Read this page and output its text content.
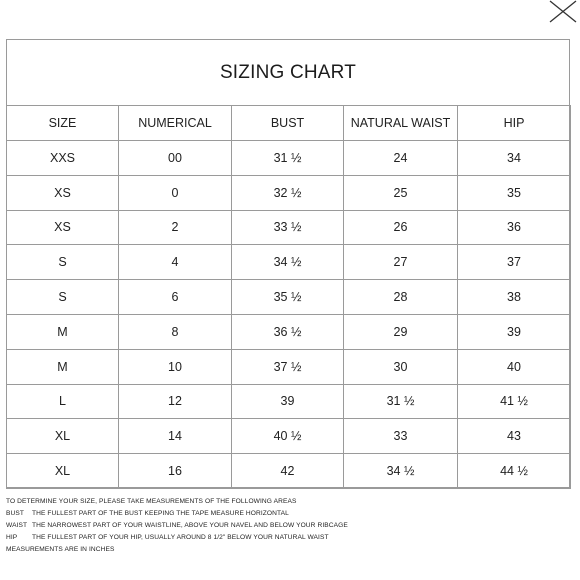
SIZING CHART
SIZE	NUMERICAL	BUST	NATURAL WAIST	HIP
XXS	00	31 ½	24	34
XS	0	32 ½	25	35
XS	2	33 ½	26	36
S	4	34 ½	27	37
S	6	35 ½	28	38
M	8	36 ½	29	39
M	10	37 ½	30	40
L	12	39	31 ½	41 ½
XL	14	40 ½	33	43
XL	16	42	34 ½	44 ½
TO DETERMINE YOUR SIZE, PLEASE TAKE MEASUREMENTS OF THE FOLLOWING AREAS
BUST THE FULLEST PART OF THE BUST KEEPING THE TAPE MEASURE HORIZONTAL
WAIST THE NARROWEST PART OF YOUR WAISTLINE, ABOVE YOUR NAVEL AND BELOW YOUR RIBCAGE
HIP THE FULLEST PART OF YOUR HIP, USUALLY AROUND 8 1/2" BELOW YOUR NATURAL WAIST
MEASUREMENTS ARE IN INCHES
